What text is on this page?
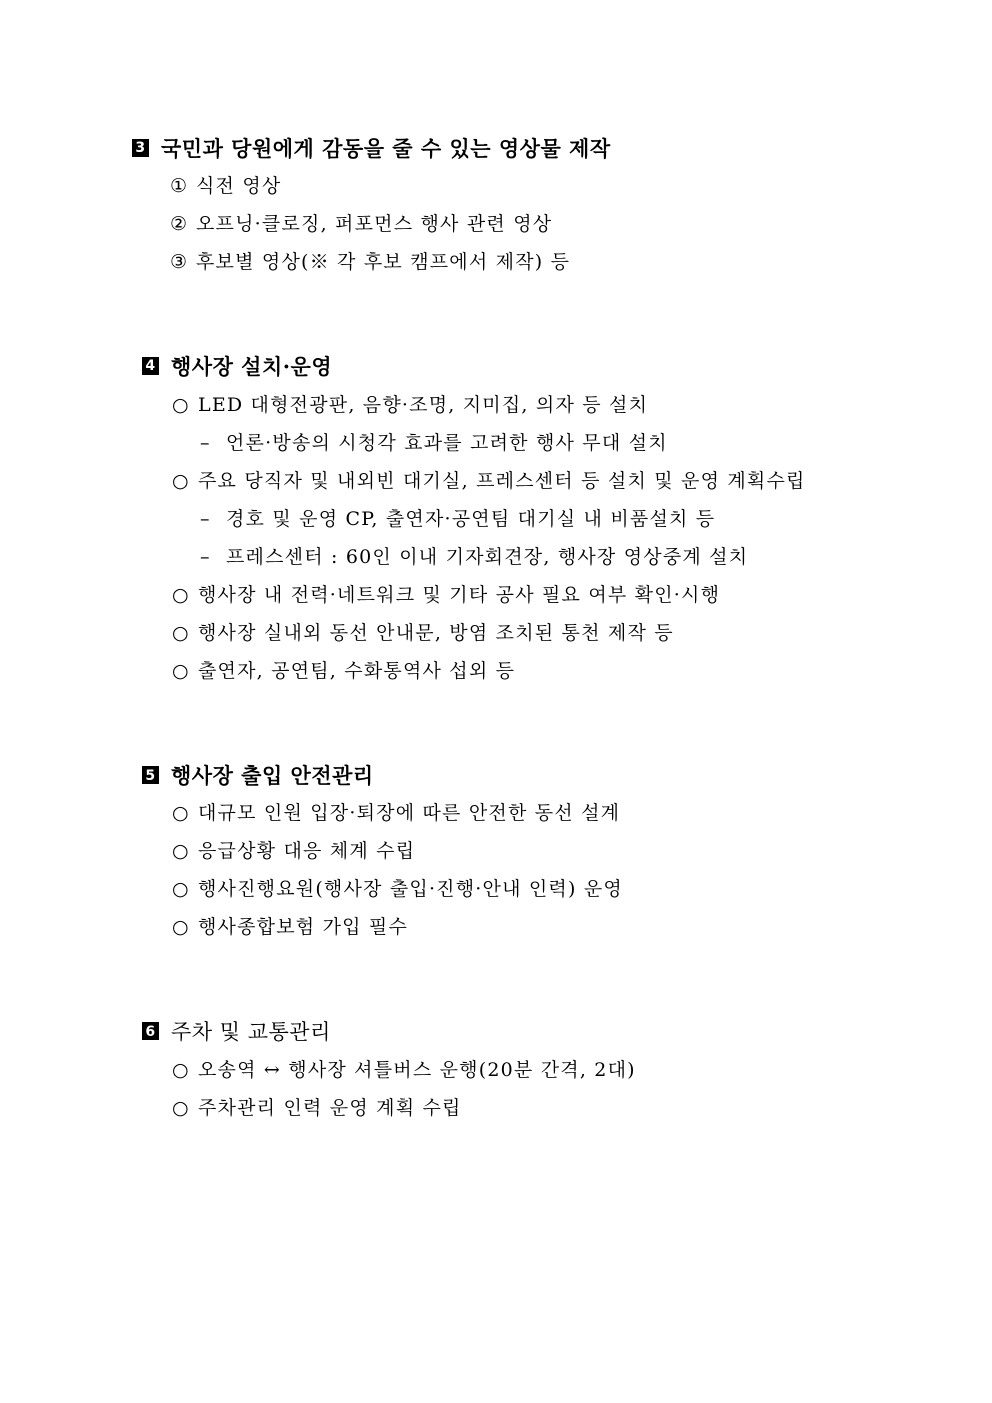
3 국민과 당원에게 감동을 줄 수 있는 영상물 제작
① 식전 영상
② 오프닝·클로징, 퍼포먼스 행사 관련 영상
③ 후보별 영상(※ 각 후보 캠프에서 제작) 등
4 행사장 설치·운영
○ LED 대형전광판, 음향·조명, 지미집, 의자 등 설치
– 언론·방송의 시청각 효과를 고려한 행사 무대 설치
○ 주요 당직자 및 내외빈 대기실, 프레스센터 등 설치 및 운영 계획수립
– 경호 및 운영 CP, 출연자·공연팀 대기실 내 비품설치 등
– 프레스센터 : 60인 이내 기자회견장, 행사장 영상중계 설치
○ 행사장 내 전력·네트워크 및 기타 공사 필요 여부 확인·시행
○ 행사장 실내외 동선 안내문, 방염 조치된 통천 제작 등
○ 출연자, 공연팀, 수화통역사 섭외 등
5 행사장 출입 안전관리
○ 대규모 인원 입장·퇴장에 따른 안전한 동선 설계
○ 응급상황 대응 체계 수립
○ 행사진행요원(행사장 출입·진행·안내 인력) 운영
○ 행사종합보험 가입 필수
6 주차 및 교통관리
○ 오송역 ↔ 행사장 셔틀버스 운행(20분 간격, 2대)
○ 주차관리 인력 운영 계획 수립
